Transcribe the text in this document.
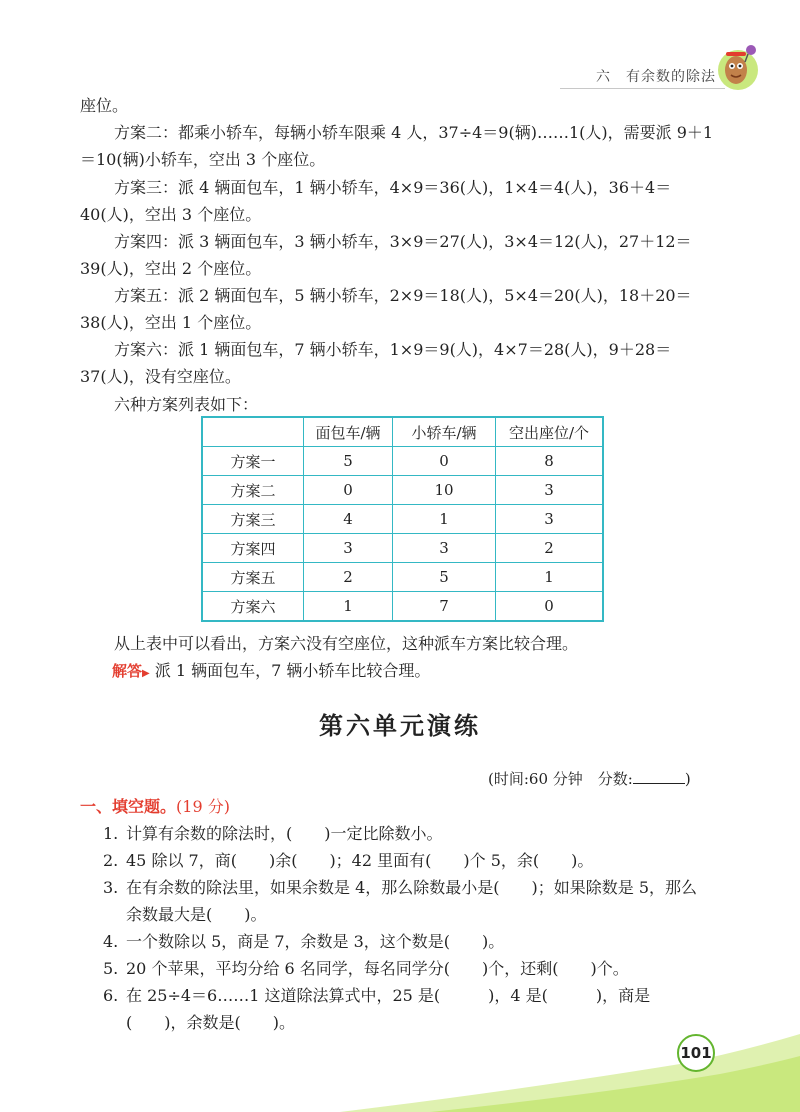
六　有余数的除法

座位。

方案二：都乘小轿车，每辆小轿车限乘 4 人，37÷4＝9(辆)……1(人)，需要派 9＋1＝10(辆)小轿车，空出 3 个座位。

方案三：派 4 辆面包车，1 辆小轿车，4×9＝36(人)，1×4＝4(人)，36＋4＝40(人)，空出 3 个座位。

方案四：派 3 辆面包车，3 辆小轿车，3×9＝27(人)，3×4＝12(人)，27＋12＝39(人)，空出 2 个座位。

方案五：派 2 辆面包车，5 辆小轿车，2×9＝18(人)，5×4＝20(人)，18＋20＝38(人)，空出 1 个座位。

方案六：派 1 辆面包车，7 辆小轿车，1×9＝9(人)，4×7＝28(人)，9＋28＝37(人)，没有空座位。

六种方案列表如下：

	面包车/辆	小轿车/辆	空出座位/个
方案一	5	0	8
方案二	0	10	3
方案三	4	1	3
方案四	3	3	2
方案五	2	5	1
方案六	1	7	0

从上表中可以看出，方案六没有空座位，这种派车方案比较合理。

解答▶ 派 1 辆面包车，7 辆小轿车比较合理。

第六单元演练
(时间:60 分钟　分数:	)
一、填空题。(19 分)

1. 计算有余数的除法时，(　　)一定比除数小。

2. 45 除以 7，商(　　)余(　　)；42 里面有(　　)个 5，余(　　)。

3. 在有余数的除法里，如果余数是 4，那么除数最小是(　　)；如果除数是 5，那么
余数最大是(　　)。

4. 一个数除以 5，商是 7，余数是 3，这个数是(　　)。

5. 20 个苹果，平均分给 6 名同学，每名同学分(　　)个，还剩(　　)个。

6. 在 25÷4＝6……1 这道除法算式中，25 是(　　　)，4 是(　　　)，商是
(　　)，余数是(　　)。

101
